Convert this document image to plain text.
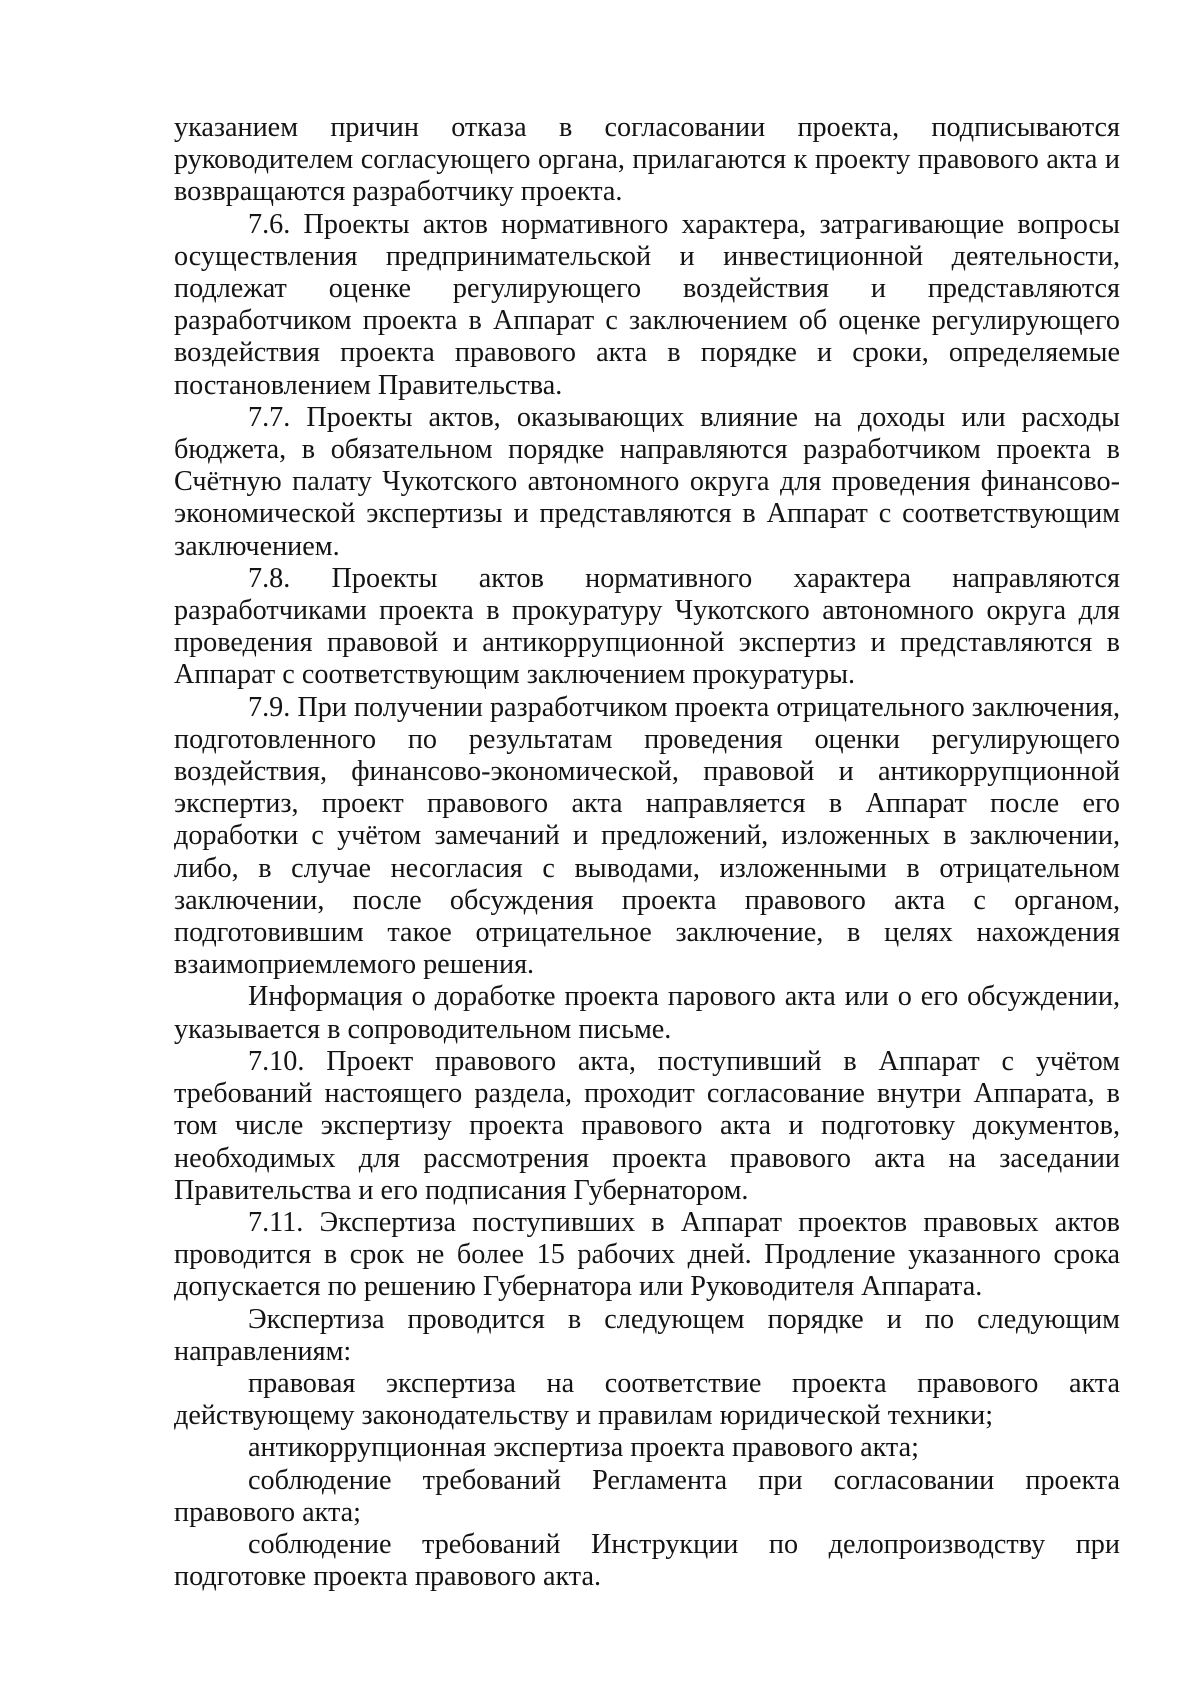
указанием причин отказа в согласовании проекта, подписываются руководителем согласующего органа, прилагаются к проекту правового акта и возвращаются разработчику проекта.

7.6. Проекты актов нормативного характера, затрагивающие вопросы осуществления предпринимательской и инвестиционной деятельности, подлежат оценке регулирующего воздействия и представляются разработчиком проекта в Аппарат с заключением об оценке регулирующего воздействия проекта правового акта в порядке и сроки, определяемые постановлением Правительства.

7.7. Проекты актов, оказывающих влияние на доходы или расходы бюджета, в обязательном порядке направляются разработчиком проекта в Счётную палату Чукотского автономного округа для проведения финансово-экономической экспертизы и представляются в Аппарат с соответствующим заключением.

7.8. Проекты актов нормативного характера направляются разработчиками проекта в прокуратуру Чукотского автономного округа для проведения правовой и антикоррупционной экспертиз и представляются в Аппарат с соответствующим заключением прокуратуры.

7.9. При получении разработчиком проекта отрицательного заключения, подготовленного по результатам проведения оценки регулирующего воздействия, финансово-экономической, правовой и антикоррупционной экспертиз, проект правового акта направляется в Аппарат после его доработки с учётом замечаний и предложений, изложенных в заключении, либо, в случае несогласия с выводами, изложенными в отрицательном заключении, после обсуждения проекта правового акта с органом, подготовившим такое отрицательное заключение, в целях нахождения взаимоприемлемого решения.

Информация о доработке проекта парового акта или о его обсуждении, указывается в сопроводительном письме.

7.10. Проект правового акта, поступивший в Аппарат с учётом требований настоящего раздела, проходит согласование внутри Аппарата, в том числе экспертизу проекта правового акта и подготовку документов, необходимых для рассмотрения проекта правового акта на заседании Правительства и его подписания Губернатором.

7.11. Экспертиза поступивших в Аппарат проектов правовых актов проводится в срок не более 15 рабочих дней. Продление указанного срока допускается по решению Губернатора или Руководителя Аппарата.

Экспертиза проводится в следующем порядке и по следующим направлениям:

правовая экспертиза на соответствие проекта правового акта действующему законодательству и правилам юридической техники;

антикоррупционная экспертиза проекта правового акта;

соблюдение требований Регламента при согласовании проекта правового акта;

соблюдение требований Инструкции по делопроизводству при подготовке проекта правового акта.
